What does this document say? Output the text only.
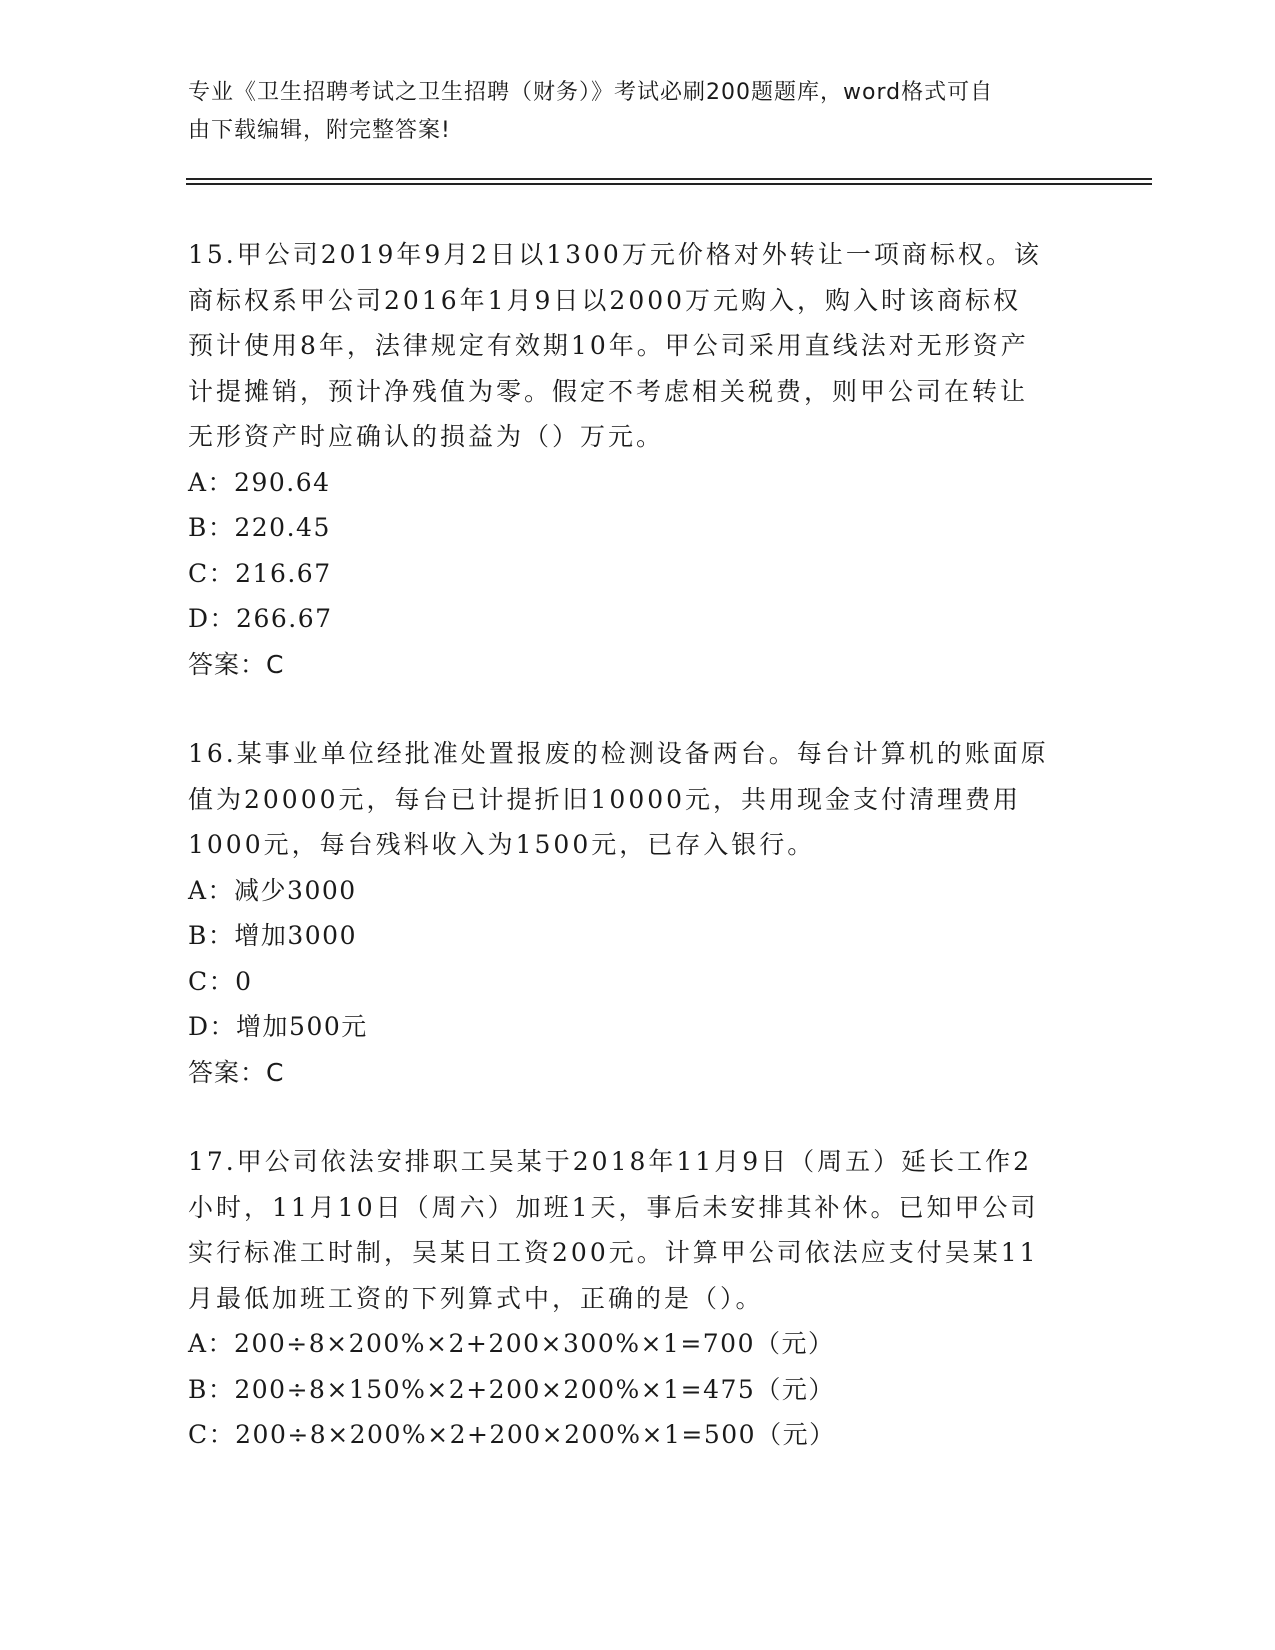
专业《卫生招聘考试之卫生招聘（财务）》考试必刷200题题库，word格式可自
由下载编辑，附完整答案!
15.甲公司2019年9月2日以1300万元价格对外转让一项商标权。该
商标权系甲公司2016年1月9日以2000万元购入，购入时该商标权
预计使用8年，法律规定有效期10年。甲公司采用直线法对无形资产
计提摊销，预计净残值为零。假定不考虑相关税费，则甲公司在转让
无形资产时应确认的损益为（）万元。
A：290.64
B：220.45
C：216.67
D：266.67
答案：C
16.某事业单位经批准处置报废的检测设备两台。每台计算机的账面原
值为20000元，每台已计提折旧10000元，共用现金支付清理费用
1000元，每台残料收入为1500元，已存入银行。
A：减少3000
B：增加3000
C：0
D：增加500元
答案：C
17.甲公司依法安排职工吴某于2018年11月9日（周五）延长工作2
小时，11月10日（周六）加班1天，事后未安排其补休。已知甲公司
实行标准工时制，吴某日工资200元。计算甲公司依法应支付吴某11
月最低加班工资的下列算式中，正确的是（）。
A：200÷8×200%×2+200×300%×1=700（元）
B：200÷8×150%×2+200×200%×1=475（元）
C：200÷8×200%×2+200×200%×1=500（元）
